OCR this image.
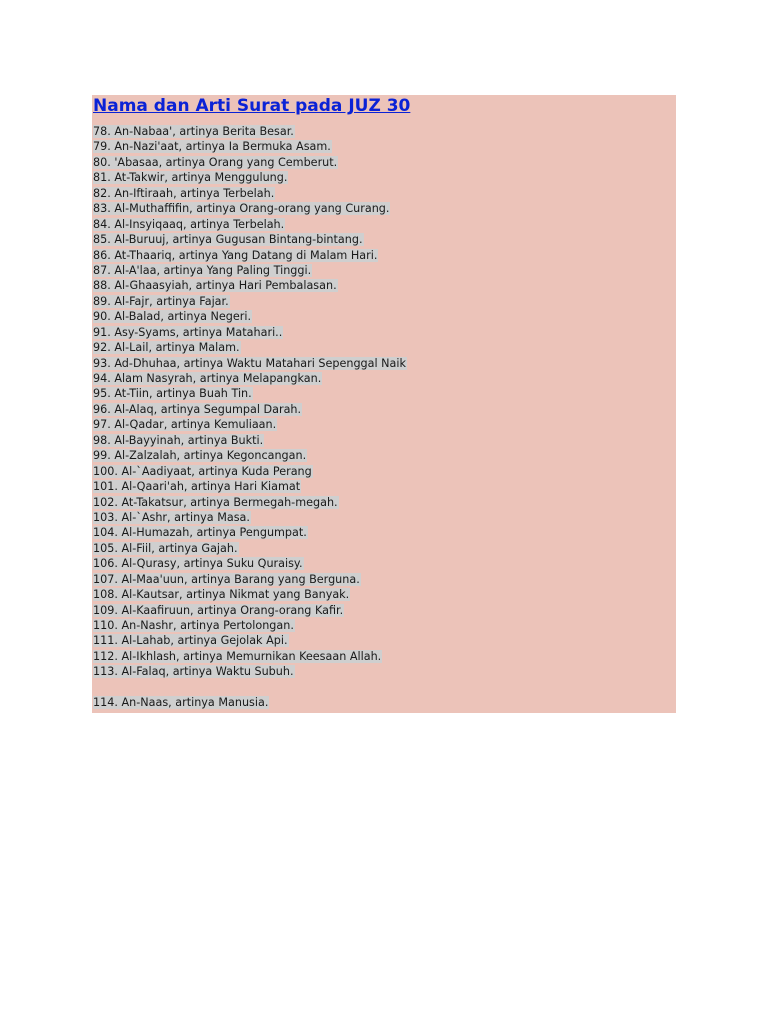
Nama dan Arti Surat pada JUZ 30
78. An-Nabaa', artinya Berita Besar.
79. An-Nazi'aat, artinya Ia Bermuka Asam.
80. 'Abasaa, artinya Orang yang Cemberut.
81. At-Takwir, artinya Menggulung.
82. An-Iftiraah, artinya Terbelah.
83. Al-Muthaffifin, artinya Orang-orang yang Curang.
84. Al-Insyiqaaq, artinya Terbelah.
85. Al-Buruuj, artinya Gugusan Bintang-bintang.
86. At-Thaariq, artinya Yang Datang di Malam Hari.
87. Al-A'laa, artinya Yang Paling Tinggi.
88. Al-Ghaasyiah, artinya Hari Pembalasan.
89. Al-Fajr, artinya Fajar.
90. Al-Balad, artinya Negeri.
91. Asy-Syams, artinya Matahari..
92. Al-Lail, artinya Malam.
93. Ad-Dhuhaa, artinya Waktu Matahari Sepenggal Naik
94. Alam Nasyrah, artinya Melapangkan.
95. At-Tiin, artinya Buah Tin.
96. Al-Alaq, artinya Segumpal Darah.
97. Al-Qadar, artinya Kemuliaan.
98. Al-Bayyinah, artinya Bukti.
99. Al-Zalzalah, artinya Kegoncangan.
100. Al-`Aadiyaat, artinya Kuda Perang
101. Al-Qaari'ah, artinya Hari Kiamat
102. At-Takatsur, artinya Bermegah-megah.
103. Al-`Ashr, artinya Masa.
104. Al-Humazah, artinya Pengumpat.
105. Al-Fiil, artinya Gajah.
106. Al-Qurasy, artinya Suku Quraisy.
107. Al-Maa'uun, artinya Barang yang Berguna.
108. Al-Kautsar, artinya Nikmat yang Banyak.
109. Al-Kaafiruun, artinya Orang-orang Kafir.
110. An-Nashr, artinya Pertolongan.
111. Al-Lahab, artinya Gejolak Api.
112. Al-Ikhlash, artinya Memurnikan Keesaan Allah.
113. Al-Falaq, artinya Waktu Subuh.
114. An-Naas, artinya Manusia.
